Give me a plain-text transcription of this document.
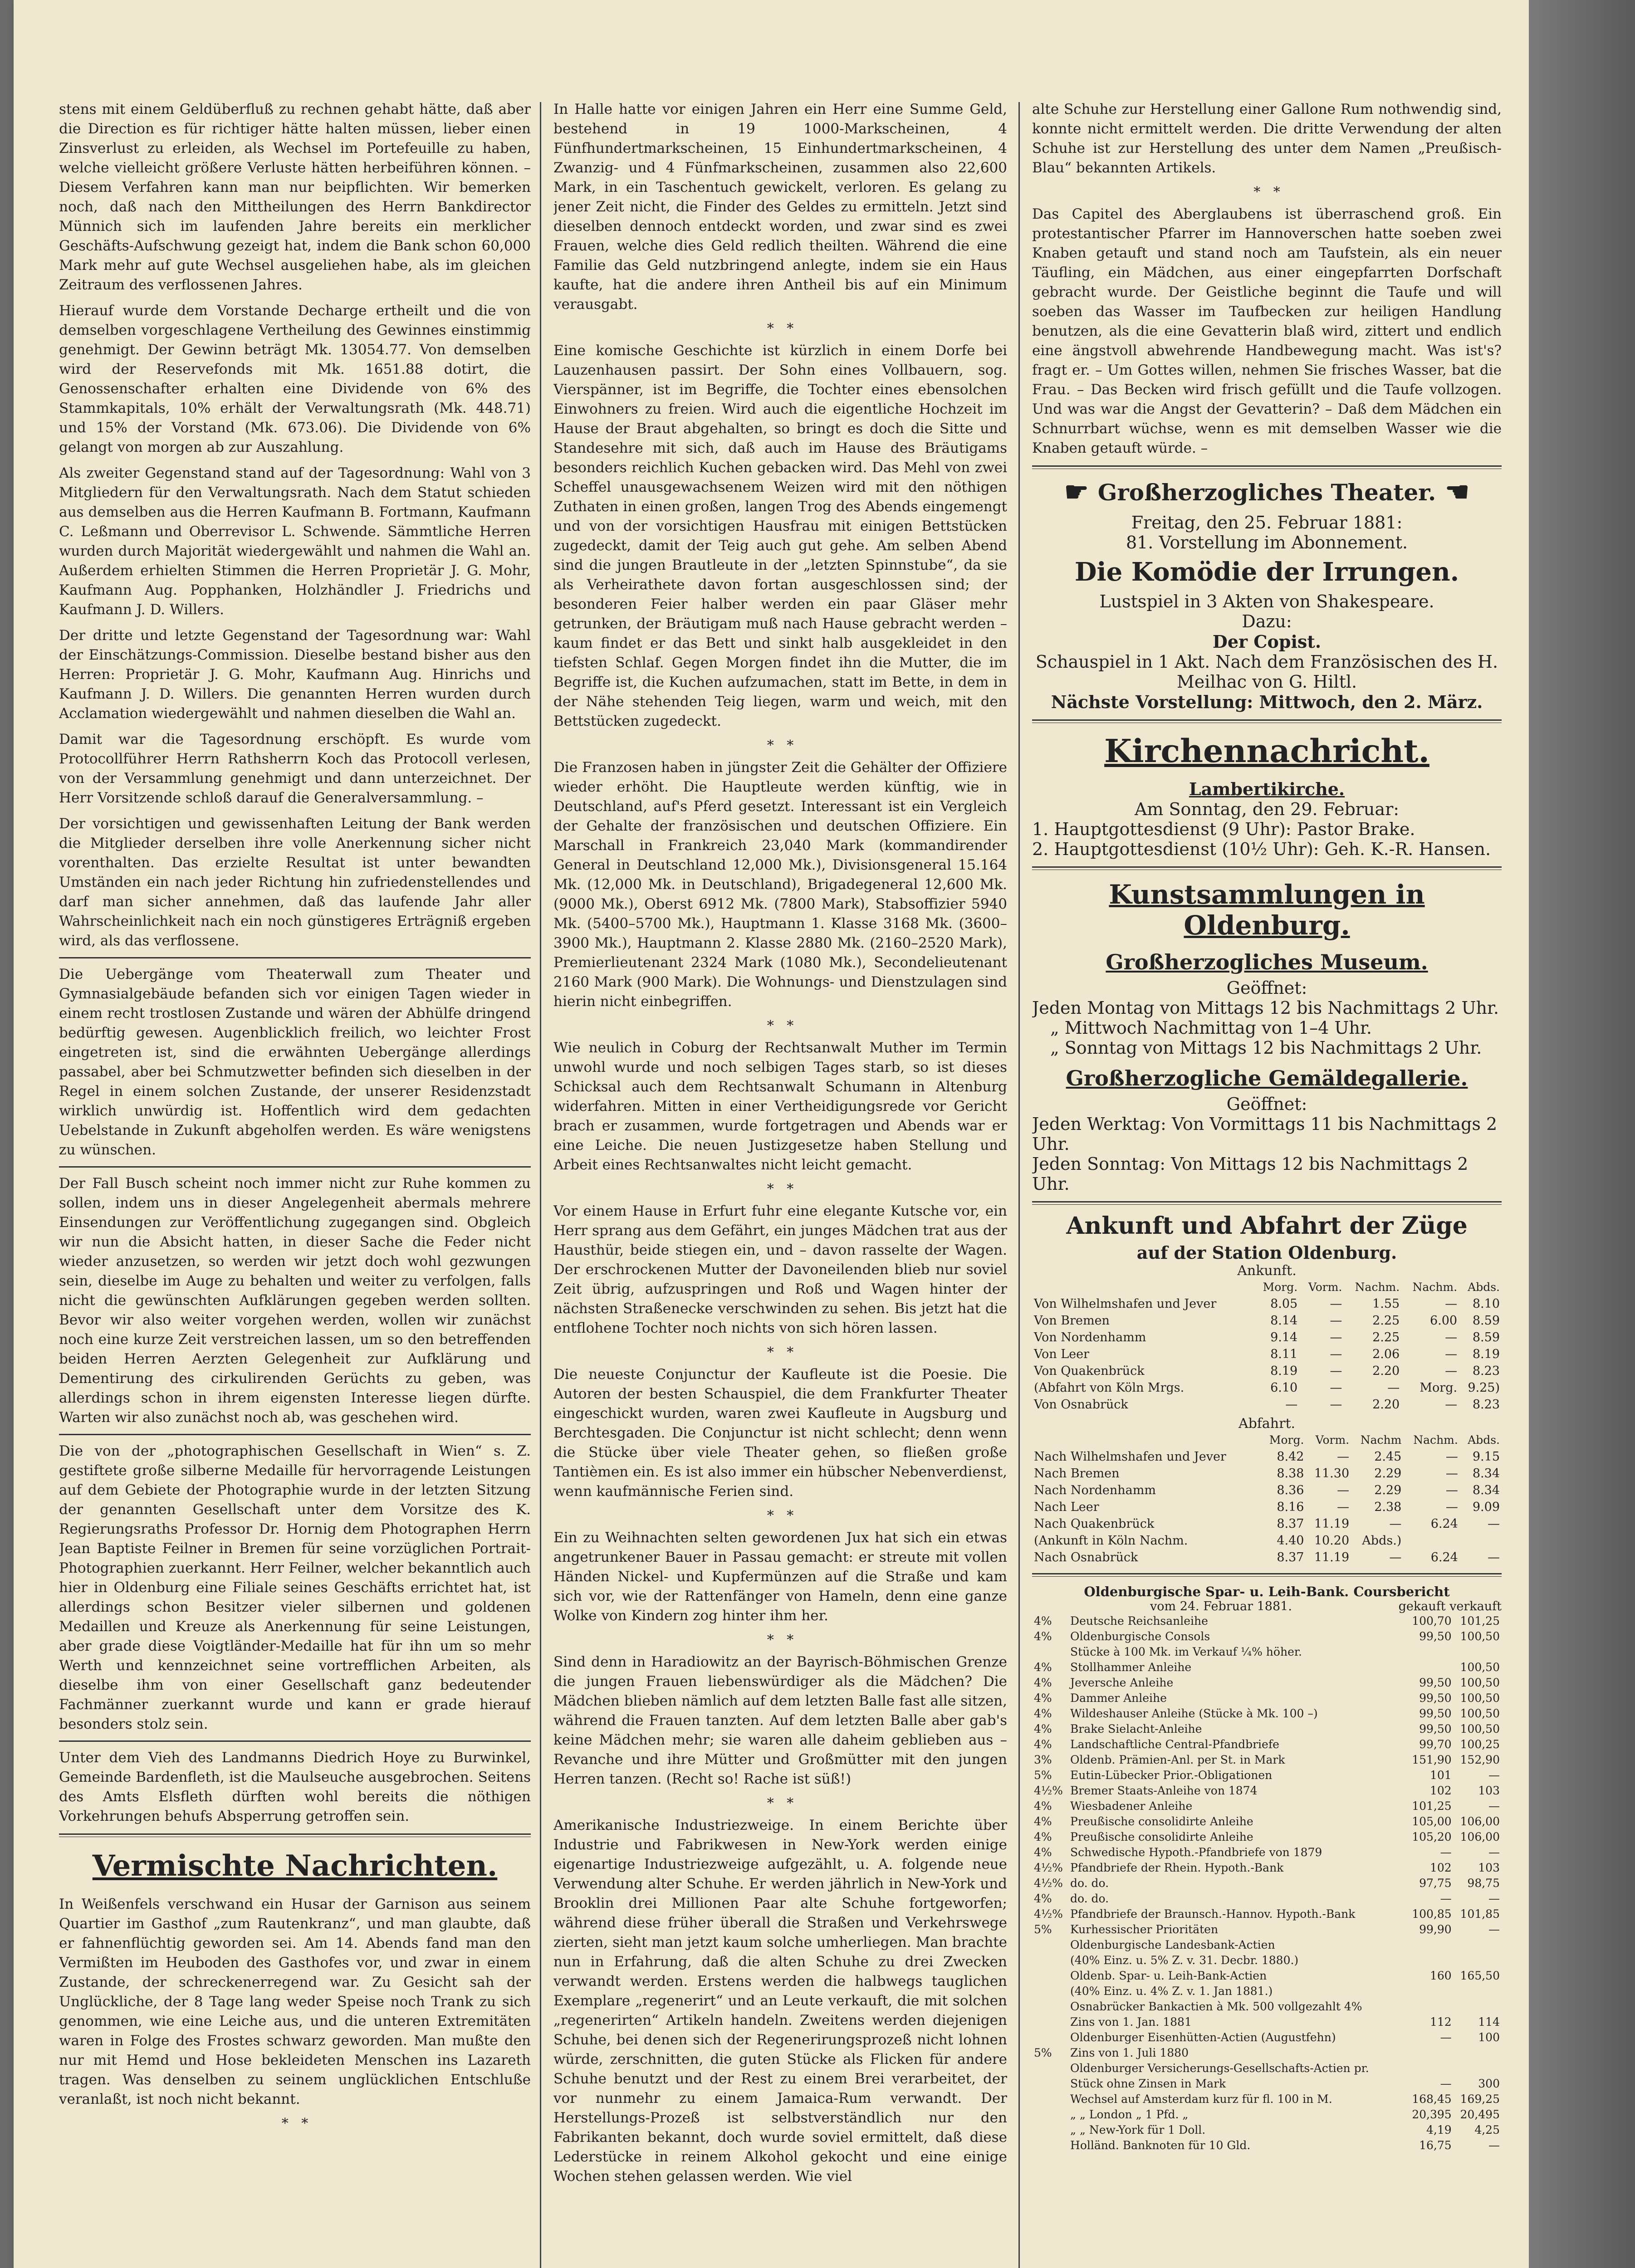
stens mit einem Geldüberfluß zu rechnen gehabt hätte, daß aber die Direction es für richtiger hätte halten müssen, lieber einen Zinsverlust zu erleiden, als Wechsel im Portefeuille zu haben, welche vielleicht größere Verluste hätten herbeiführen können. – Diesem Verfahren kann man nur beipflichten. Wir bemerken noch, daß nach den Mittheilungen des Herrn Bankdirector Münnich sich im laufenden Jahre bereits ein merklicher Geschäfts-Aufschwung gezeigt hat, indem die Bank schon 60,000 Mark mehr auf gute Wechsel ausgeliehen habe, als im gleichen Zeitraum des verflossenen Jahres.

Hierauf wurde dem Vorstande Decharge ertheilt und die von demselben vorgeschlagene Vertheilung des Gewinnes einstimmig genehmigt. Der Gewinn beträgt Mk. 13054.77. Von demselben wird der Reservefonds mit Mk. 1651.88 dotirt, die Genossenschafter erhalten eine Dividende von 6% des Stammkapitals, 10% erhält der Verwaltungsrath (Mk. 448.71) und 15% der Vorstand (Mk. 673.06). Die Dividende von 6% gelangt von morgen ab zur Auszahlung.

Als zweiter Gegenstand stand auf der Tagesordnung: Wahl von 3 Mitgliedern für den Verwaltungsrath. Nach dem Statut schieden aus demselben aus die Herren Kaufmann B. Fortmann, Kaufmann C. Leßmann und Oberrevisor L. Schwende. Sämmtliche Herren wurden durch Majorität wiedergewählt und nahmen die Wahl an. Außerdem erhielten Stimmen die Herren Proprietär J. G. Mohr, Kaufmann Aug. Popphanken, Holzhändler J. Friedrichs und Kaufmann J. D. Willers.

Der dritte und letzte Gegenstand der Tagesordnung war: Wahl der Einschätzungs-Commission. Dieselbe bestand bisher aus den Herren: Proprietär J. G. Mohr, Kaufmann Aug. Hinrichs und Kaufmann J. D. Willers. Die genannten Herren wurden durch Acclamation wiedergewählt und nahmen dieselben die Wahl an.

Damit war die Tagesordnung erschöpft. Es wurde vom Protocollführer Herrn Rathsherrn Koch das Protocoll verlesen, von der Versammlung genehmigt und dann unterzeichnet. Der Herr Vorsitzende schloß darauf die Generalversammlung. –

Der vorsichtigen und gewissenhaften Leitung der Bank werden die Mitglieder derselben ihre volle Anerkennung sicher nicht vorenthalten. Das erzielte Resultat ist unter bewandten Umständen ein nach jeder Richtung hin zufriedenstellendes und darf man sicher annehmen, daß das laufende Jahr aller Wahrscheinlichkeit nach ein noch günstigeres Erträgniß ergeben wird, als das verflossene.

Die Uebergänge vom Theaterwall zum Theater und Gymnasialgebäude befanden sich vor einigen Tagen wieder in einem recht trostlosen Zustande und wären der Abhülfe dringend bedürftig gewesen. Augenblicklich freilich, wo leichter Frost eingetreten ist, sind die erwähnten Uebergänge allerdings passabel, aber bei Schmutzwetter befinden sich dieselben in der Regel in einem solchen Zustande, der unserer Residenzstadt wirklich unwürdig ist. Hoffentlich wird dem gedachten Uebelstande in Zukunft abgeholfen werden. Es wäre wenigstens zu wünschen.

Der Fall Busch scheint noch immer nicht zur Ruhe kommen zu sollen, indem uns in dieser Angelegenheit abermals mehrere Einsendungen zur Veröffentlichung zugegangen sind. Obgleich wir nun die Absicht hatten, in dieser Sache die Feder nicht wieder anzusetzen, so werden wir jetzt doch wohl gezwungen sein, dieselbe im Auge zu behalten und weiter zu verfolgen, falls nicht die gewünschten Aufklärungen gegeben werden sollten. Bevor wir also weiter vorgehen werden, wollen wir zunächst noch eine kurze Zeit verstreichen lassen, um so den betreffenden beiden Herren Aerzten Gelegenheit zur Aufklärung und Dementirung des cirkulirenden Gerüchts zu geben, was allerdings schon in ihrem eigensten Interesse liegen dürfte. Warten wir also zunächst noch ab, was geschehen wird.

Die von der „photographischen Gesellschaft in Wien“ s. Z. gestiftete große silberne Medaille für hervorragende Leistungen auf dem Gebiete der Photographie wurde in der letzten Sitzung der genannten Gesellschaft unter dem Vorsitze des K. Regierungsraths Professor Dr. Hornig dem Photographen Herrn Jean Baptiste Feilner in Bremen für seine vorzüglichen Portrait-Photographien zuerkannt. Herr Feilner, welcher bekanntlich auch hier in Oldenburg eine Filiale seines Geschäfts errichtet hat, ist allerdings schon Besitzer vieler silbernen und goldenen Medaillen und Kreuze als Anerkennung für seine Leistungen, aber grade diese Voigtländer-Medaille hat für ihn um so mehr Werth und kennzeichnet seine vortrefflichen Arbeiten, als dieselbe ihm von einer Gesellschaft ganz bedeutender Fachmänner zuerkannt wurde und kann er grade hierauf besonders stolz sein.

Unter dem Vieh des Landmanns Diedrich Hoye zu Burwinkel, Gemeinde Bardenfleth, ist die Maulseuche ausgebrochen. Seitens des Amts Elsfleth dürften wohl bereits die nöthigen Vorkehrungen behufs Absperrung getroffen sein.

Vermischte Nachrichten.

In Weißenfels verschwand ein Husar der Garnison aus seinem Quartier im Gasthof „zum Rautenkranz“, und man glaubte, daß er fahnenflüchtig geworden sei. Am 14. Abends fand man den Vermißten im Heuboden des Gasthofes vor, und zwar in einem Zustande, der schreckenerregend war. Zu Gesicht sah der Unglückliche, der 8 Tage lang weder Speise noch Trank zu sich genommen, wie eine Leiche aus, und die unteren Extremitäten waren in Folge des Frostes schwarz geworden. Man mußte den nur mit Hemd und Hose bekleideten Menschen ins Lazareth tragen. Was denselben zu seinem unglücklichen Entschluße veranlaßt, ist noch nicht bekannt.

*   *

In Halle hatte vor einigen Jahren ein Herr eine Summe Geld, bestehend in 19 1000-Markscheinen, 4 Fünfhundertmarkscheinen, 15 Einhundertmarkscheinen, 4 Zwanzig- und 4 Fünfmarkscheinen, zusammen also 22,600 Mark, in ein Taschentuch gewickelt, verloren. Es gelang zu jener Zeit nicht, die Finder des Geldes zu ermitteln. Jetzt sind dieselben dennoch entdeckt worden, und zwar sind es zwei Frauen, welche dies Geld redlich theilten. Während die eine Familie das Geld nutzbringend anlegte, indem sie ein Haus kaufte, hat die andere ihren Antheil bis auf ein Minimum verausgabt.

*   *

Eine komische Geschichte ist kürzlich in einem Dorfe bei Lauzenhausen passirt. Der Sohn eines Vollbauern, sog. Vierspänner, ist im Begriffe, die Tochter eines ebensolchen Einwohners zu freien. Wird auch die eigentliche Hochzeit im Hause der Braut abgehalten, so bringt es doch die Sitte und Standesehre mit sich, daß auch im Hause des Bräutigams besonders reichlich Kuchen gebacken wird. Das Mehl von zwei Scheffel unausgewachsenem Weizen wird mit den nöthigen Zuthaten in einen großen, langen Trog des Abends eingemengt und von der vorsichtigen Hausfrau mit einigen Bettstücken zugedeckt, damit der Teig auch gut gehe. Am selben Abend sind die jungen Brautleute in der „letzten Spinnstube“, da sie als Verheirathete davon fortan ausgeschlossen sind; der besonderen Feier halber werden ein paar Gläser mehr getrunken, der Bräutigam muß nach Hause gebracht werden – kaum findet er das Bett und sinkt halb ausgekleidet in den tiefsten Schlaf. Gegen Morgen findet ihn die Mutter, die im Begriffe ist, die Kuchen aufzumachen, statt im Bette, in dem in der Nähe stehenden Teig liegen, warm und weich, mit den Bettstücken zugedeckt.

*   *

Die Franzosen haben in jüngster Zeit die Gehälter der Offiziere wieder erhöht. Die Hauptleute werden künftig, wie in Deutschland, auf's Pferd gesetzt. Interessant ist ein Vergleich der Gehalte der französischen und deutschen Offiziere. Ein Marschall in Frankreich 23,040 Mark (kommandirender General in Deutschland 12,000 Mk.), Divisionsgeneral 15.164 Mk. (12,000 Mk. in Deutschland), Brigadegeneral 12,600 Mk. (9000 Mk.), Oberst 6912 Mk. (7800 Mark), Stabsoffizier 5940 Mk. (5400–5700 Mk.), Hauptmann 1. Klasse 3168 Mk. (3600–3900 Mk.), Hauptmann 2. Klasse 2880 Mk. (2160–2520 Mark), Premierlieutenant 2324 Mark (1080 Mk.), Secondelieutenant 2160 Mark (900 Mark). Die Wohnungs- und Dienstzulagen sind hierin nicht einbegriffen.

*   *

Wie neulich in Coburg der Rechtsanwalt Muther im Termin unwohl wurde und noch selbigen Tages starb, so ist dieses Schicksal auch dem Rechtsanwalt Schumann in Altenburg widerfahren. Mitten in einer Vertheidigungsrede vor Gericht brach er zusammen, wurde fortgetragen und Abends war er eine Leiche. Die neuen Justizgesetze haben Stellung und Arbeit eines Rechtsanwaltes nicht leicht gemacht.

*   *

Vor einem Hause in Erfurt fuhr eine elegante Kutsche vor, ein Herr sprang aus dem Gefährt, ein junges Mädchen trat aus der Hausthür, beide stiegen ein, und – davon rasselte der Wagen. Der erschrockenen Mutter der Davoneilenden blieb nur soviel Zeit übrig, aufzuspringen und Roß und Wagen hinter der nächsten Straßenecke verschwinden zu sehen. Bis jetzt hat die entflohene Tochter noch nichts von sich hören lassen.

*   *

Die neueste Conjunctur der Kaufleute ist die Poesie. Die Autoren der besten Schauspiel, die dem Frankfurter Theater eingeschickt wurden, waren zwei Kaufleute in Augsburg und Berchtesgaden. Die Conjunctur ist nicht schlecht; denn wenn die Stücke über viele Theater gehen, so fließen große Tantièmen ein. Es ist also immer ein hübscher Nebenverdienst, wenn kaufmännische Ferien sind.

*   *

Ein zu Weihnachten selten gewordenen Jux hat sich ein etwas angetrunkener Bauer in Passau gemacht: er streute mit vollen Händen Nickel- und Kupfermünzen auf die Straße und kam sich vor, wie der Rattenfänger von Hameln, denn eine ganze Wolke von Kindern zog hinter ihm her.

*   *

Sind denn in Haradiowitz an der Bayrisch-Böhmischen Grenze die jungen Frauen liebenswürdiger als die Mädchen? Die Mädchen blieben nämlich auf dem letzten Balle fast alle sitzen, während die Frauen tanzten. Auf dem letzten Balle aber gab's keine Mädchen mehr; sie waren alle daheim geblieben aus – Revanche und ihre Mütter und Großmütter mit den jungen Herren tanzen. (Recht so! Rache ist süß!)

*   *

Amerikanische Industriezweige. In einem Berichte über Industrie und Fabrikwesen in New-York werden einige eigenartige Industriezweige aufgezählt, u. A. folgende neue Verwendung alter Schuhe. Er werden jährlich in New-York und Brooklin drei Millionen Paar alte Schuhe fortgeworfen; während diese früher überall die Straßen und Verkehrswege zierten, sieht man jetzt kaum solche umherliegen. Man brachte nun in Erfahrung, daß die alten Schuhe zu drei Zwecken verwandt werden. Erstens werden die halbwegs tauglichen Exemplare „regenerirt“ und an Leute verkauft, die mit solchen „regenerirten“ Artikeln handeln. Zweitens werden diejenigen Schuhe, bei denen sich der Regenerirungsprozeß nicht lohnen würde, zerschnitten, die guten Stücke als Flicken für andere Schuhe benutzt und der Rest zu einem Brei verarbeitet, der vor nunmehr zu einem Jamaica-Rum verwandt. Der Herstellungs-Prozeß ist selbstverständlich nur den Fabrikanten bekannt, doch wurde soviel ermittelt, daß diese Lederstücke in reinem Alkohol gekocht und eine einige Wochen stehen gelassen werden. Wie viel

alte Schuhe zur Herstellung einer Gallone Rum nothwendig sind, konnte nicht ermittelt werden. Die dritte Verwendung der alten Schuhe ist zur Herstellung des unter dem Namen „Preußisch-Blau“ bekannten Artikels.

*   *

Das Capitel des Aberglaubens ist überraschend groß. Ein protestantischer Pfarrer im Hannoverschen hatte soeben zwei Knaben getauft und stand noch am Taufstein, als ein neuer Täufling, ein Mädchen, aus einer eingepfarrten Dorfschaft gebracht wurde. Der Geistliche beginnt die Taufe und will soeben das Wasser im Taufbecken zur heiligen Handlung benutzen, als die eine Gevatterin blaß wird, zittert und endlich eine ängstvoll abwehrende Handbewegung macht. Was ist's? fragt er. – Um Gottes willen, nehmen Sie frisches Wasser, bat die Frau. – Das Becken wird frisch gefüllt und die Taufe vollzogen. Und was war die Angst der Gevatterin? – Daß dem Mädchen ein Schnurrbart wüchse, wenn es mit demselben Wasser wie die Knaben getauft würde. –

☛ Großherzogliches Theater. ☚
Freitag, den 25. Februar 1881:
81. Vorstellung im Abonnement.
Die Komödie der Irrungen.
Lustspiel in 3 Akten von Shakespeare.
Dazu:
Der Copist.
Schauspiel in 1 Akt. Nach dem Französischen des H. Meilhac von G. Hiltl.
Nächste Vorstellung: Mittwoch, den 2. März.
Kirchennachricht.
Lambertikirche.
Am Sonntag, den 29. Februar:
1. Hauptgottesdienst (9 Uhr): Pastor Brake.
2. Hauptgottesdienst (10½ Uhr): Geh. K.-R. Hansen.
Kunstsammlungen in Oldenburg.
Großherzogliches Museum.
Geöffnet:
Jeden Montag von Mittags 12 bis Nachmittags 2 Uhr.
„ Mittwoch Nachmittag von 1–4 Uhr.
„ Sonntag von Mittags 12 bis Nachmittags 2 Uhr.
Großherzogliche Gemäldegallerie.
Geöffnet:
Jeden Werktag: Von Vormittags 11 bis Nachmittags 2 Uhr.
Jeden Sonntag: Von Mittags 12 bis Nachmittags 2 Uhr.
Ankunft und Abfahrt der Züge
auf der Station Oldenburg.
Ankunft.
	Morg.	Vorm.	Nachm.	Nachm.	Abds.
Von Wilhelmshafen und Jever	8.05	—	1.55	—	8.10
Von Bremen	8.14	—	2.25	6.00	8.59
Von Nordenhamm	9.14	—	2.25	—	8.59
Von Leer	8.11	—	2.06	—	8.19
Von Quakenbrück	8.19	—	2.20	—	8.23
(Abfahrt von Köln Mrgs.	6.10	—	—	Morg.	9.25)
Von Osnabrück	—	—	2.20	—	8.23
Abfahrt.
	Morg.	Vorm.	Nachm	Nachm.	Abds.
Nach Wilhelmshafen und Jever	8.42	—	2.45	—	9.15
Nach Bremen	8.38	11.30	2.29	—	8.34
Nach Nordenhamm	8.36	—	2.29	—	8.34
Nach Leer	8.16	—	2.38	—	9.09
Nach Quakenbrück	8.37	11.19	—	6.24	—
(Ankunft in Köln Nachm.	4.40	10.20	Abds.)		
Nach Osnabrück	8.37	11.19	—	6.24	—
Oldenburgische Spar- u. Leih-Bank. Coursbericht
vom 24. Februar 1881.	gekauft verkauft
4%	Deutsche Reichsanleihe	100,70	101,25
4%	Oldenburgische Consols	99,50	100,50
	Stücke à 100 Mk. im Verkauf ¼% höher.		
4%	Stollhammer Anleihe		100,50
4%	Jeversche Anleihe	99,50	100,50
4%	Dammer Anleihe	99,50	100,50
4%	Wildeshauser Anleihe (Stücke à Mk. 100 –)	99,50	100,50
4%	Brake Sielacht-Anleihe	99,50	100,50
4%	Landschaftliche Central-Pfandbriefe	99,70	100,25
3%	Oldenb. Prämien-Anl. per St. in Mark	151,90	152,90
5%	Eutin-Lübecker Prior.-Obligationen	101	—
4½%	Bremer Staats-Anleihe von 1874	102	103
4%	Wiesbadener Anleihe	101,25	—
4%	Preußische consolidirte Anleihe	105,00	106,00
4%	Preußische consolidirte Anleihe	105,20	106,00
4%	Schwedische Hypoth.-Pfandbriefe von 1879	—	—
4½%	Pfandbriefe der Rhein. Hypoth.-Bank	102	103
4½%	do. do.	97,75	98,75
4%	do. do.	—	—
4½%	Pfandbriefe der Braunsch.-Hannov. Hypoth.-Bank	100,85	101,85
5%	Kurhessischer Prioritäten	99,90	—
	Oldenburgische Landesbank-Actien		
	(40% Einz. u. 5% Z. v. 31. Decbr. 1880.)		
	Oldenb. Spar- u. Leih-Bank-Actien	160	165,50
	(40% Einz. u. 4% Z. v. 1. Jan 1881.)		
	Osnabrücker Bankactien à Mk. 500 vollgezahlt 4%		
	Zins von 1. Jan. 1881	112	114
	Oldenburger Eisenhütten-Actien (Augustfehn)	—	100
5%	Zins von 1. Juli 1880		
	Oldenburger Versicherungs-Gesellschafts-Actien pr.		
	Stück ohne Zinsen in Mark	—	300
	Wechsel auf Amsterdam kurz für fl. 100 in M.	168,45	169,25
	„ „ London „ 1 Pfd. „	20,395	20,495
	„ „ New-York für 1 Doll.	4,19	4,25
	Holländ. Banknoten für 10 Gld.	16,75	—
